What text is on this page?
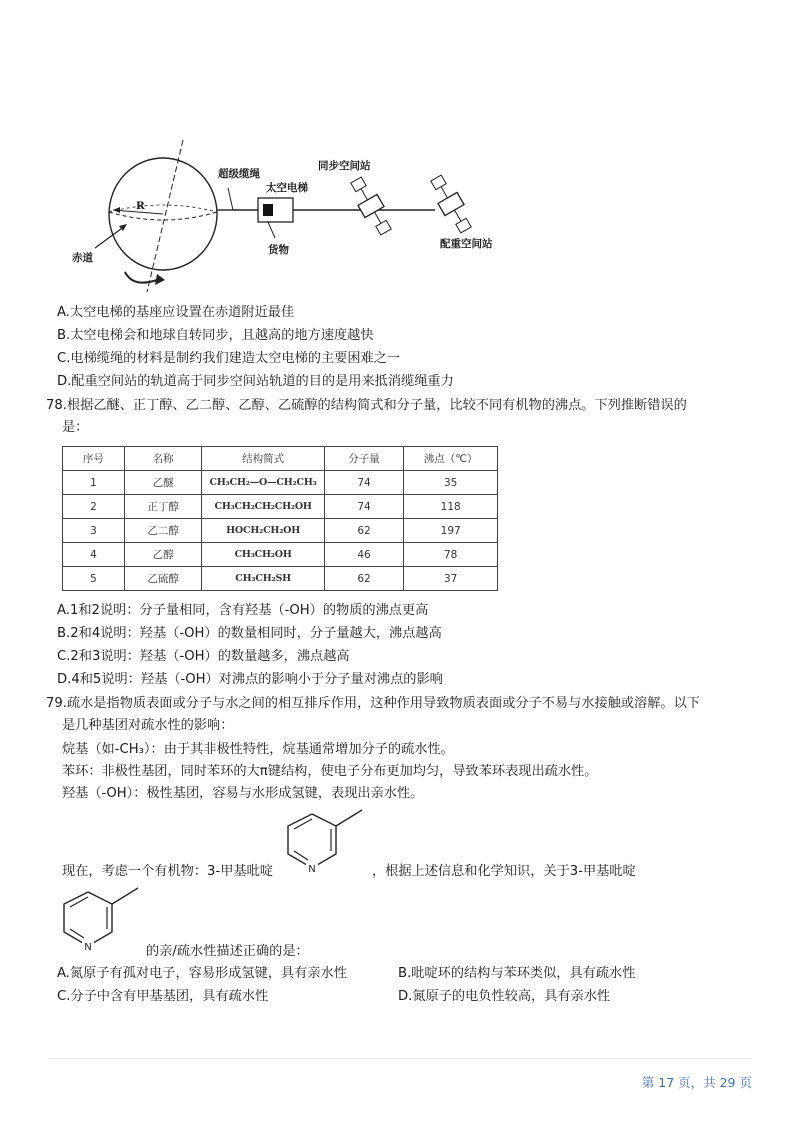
超级缆绳
太空电梯
同步空间站
R
赤道
货物	配重空间站
A.太空电梯的基座应设置在赤道附近最佳
B.太空电梯会和地球自转同步，且越高的地方速度越快
C.电梯缆绳的材料是制约我们建造太空电梯的主要困难之一
D.配重空间站的轨道高于同步空间站轨道的目的是用来抵消缆绳重力
78.根据乙醚、正丁醇、乙二醇、乙醇、乙硫醇的结构简式和分子量，比较不同有机物的沸点。下列推断错误的
是：
序号	名称	结构简式	分子量	沸点（℃）
1	乙醚	CH₃CH₂—O—CH₂CH₃	74	35
2	正丁醇	CH₃CH₂CH₂CH₂OH	74	118
3	乙二醇	HOCH₂CH₂OH	62	197
4	乙醇	CH₃CH₂OH	46	78
5	乙硫醇	CH₃CH₂SH	62	37
A.1和2说明：分子量相同，含有羟基（-OH）的物质的沸点更高
B.2和4说明：羟基（-OH）的数量相同时，分子量越大，沸点越高
C.2和3说明：羟基（-OH）的数量越多，沸点越高
D.4和5说明：羟基（-OH）对沸点的影响小于分子量对沸点的影响
79.疏水是指物质表面或分子与水之间的相互排斥作用，这种作用导致物质表面或分子不易与水接触或溶解。以下
是几种基团对疏水性的影响：
烷基（如-CH₃）：由于其非极性特性，烷基通常增加分子的疏水性。
苯环：非极性基团，同时苯环的大π键结构，使电子分布更加均匀，导致苯环表现出疏水性。
羟基（-OH）：极性基团，容易与水形成氢键，表现出亲水性。
N
现在，考虑一个有机物：3-甲基吡啶	，根据上述信息和化学知识，关于3-甲基吡啶
N	的亲/疏水性描述正确的是：
A.氮原子有孤对电子，容易形成氢键，具有亲水性	B.吡啶环的结构与苯环类似，具有疏水性
C.分子中含有甲基基团，具有疏水性	D.氮原子的电负性较高，具有亲水性
第 17 页，共 29 页
